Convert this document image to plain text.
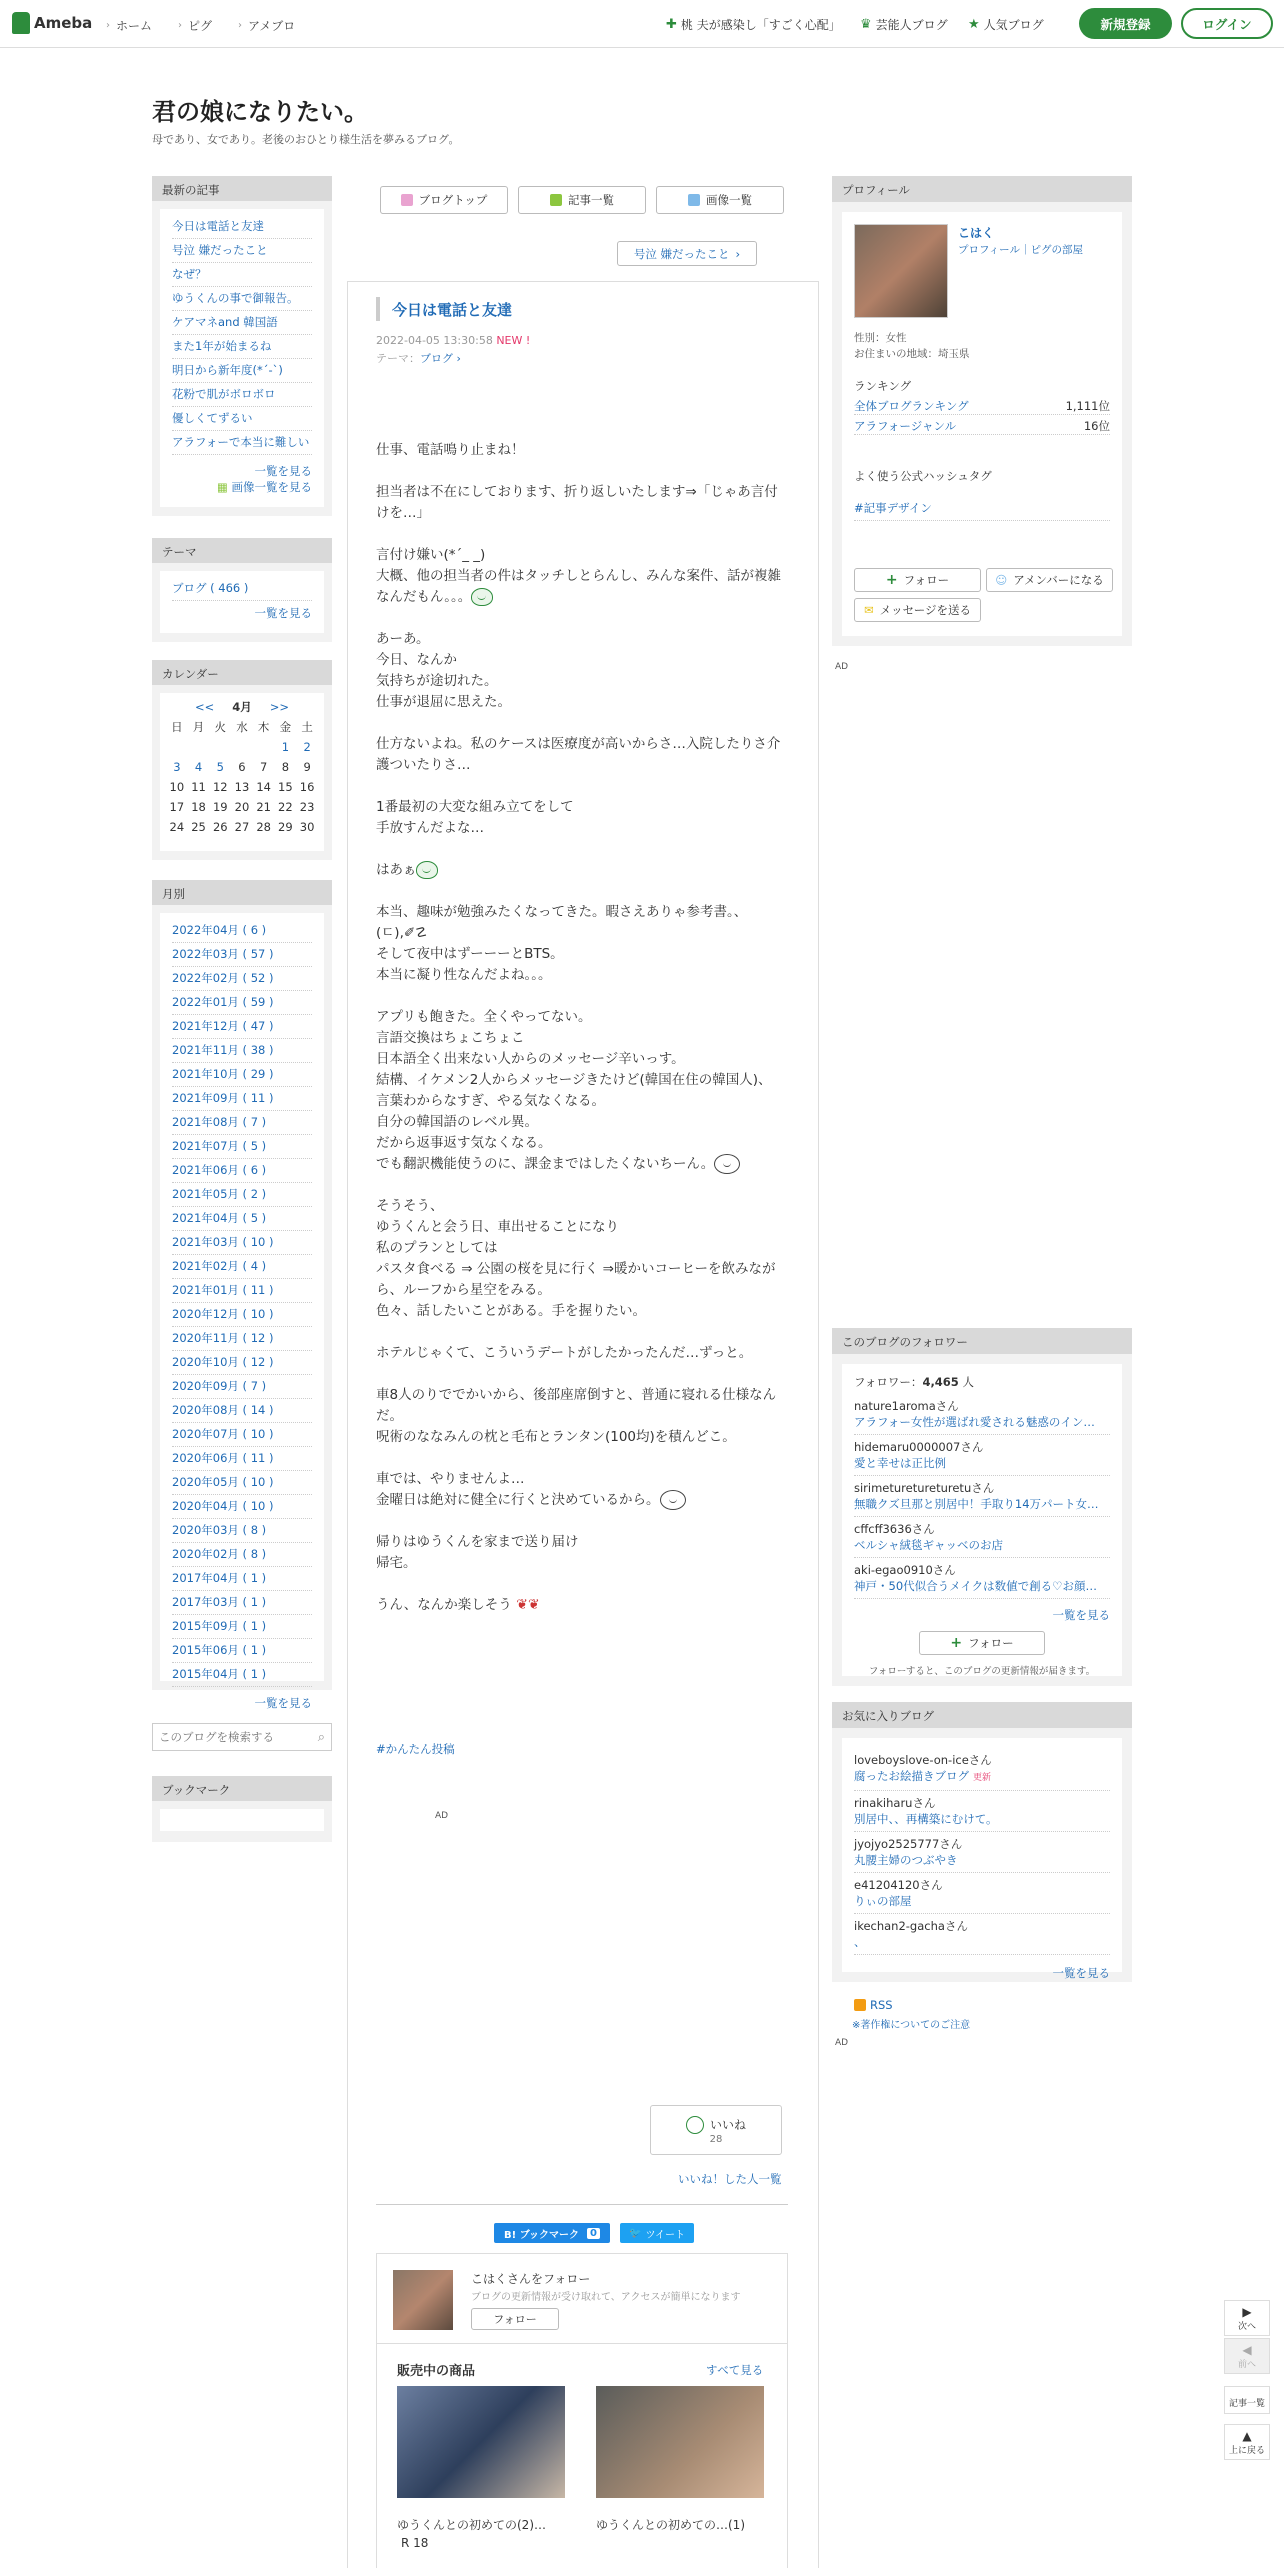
Ameba › ホーム	› ピグ	› アメブロ	✚ 桃 夫が感染し「すごく心配」 ♛ 芸能人ブログ ★ 人気ブログ	新規登録	ログイン
君の娘になりたい。
母であり、女であり。老後のおひとり様生活を夢みるブログ。
最新の記事
今日は電話と友達
号泣 嫌だったこと
なぜ？
ゆうくんの事で御報告。
ケアマネand 韓国語
また1年が始まるね
明日から新年度(*´-`)
花粉で肌がボロボロ
優しくてずるい
アラフォーで本当に難しい
一覧を見る
▦ 画像一覧を見る
テーマ
ブログ ( 466 )
一覧を見る
カレンダー
<< 4月 >>
日	月	火	水	木	金	土
					1	2
3	4	5	6	7	8	9
10	11	12	13	14	15	16
17	18	19	20	21	22	23
24	25	26	27	28	29	30
月別
2022年04月 ( 6 )
2022年03月 ( 57 )
2022年02月 ( 52 )
2022年01月 ( 59 )
2021年12月 ( 47 )
2021年11月 ( 38 )
2021年10月 ( 29 )
2021年09月 ( 11 )
2021年08月 ( 7 )
2021年07月 ( 5 )
2021年06月 ( 6 )
2021年05月 ( 2 )
2021年04月 ( 5 )
2021年03月 ( 10 )
2021年02月 ( 4 )
2021年01月 ( 11 )
2020年12月 ( 10 )
2020年11月 ( 12 )
2020年10月 ( 12 )
2020年09月 ( 7 )
2020年08月 ( 14 )
2020年07月 ( 10 )
2020年06月 ( 11 )
2020年05月 ( 10 )
2020年04月 ( 10 )
2020年03月 ( 8 )
2020年02月 ( 8 )
2017年04月 ( 1 )
2017年03月 ( 1 )
2015年09月 ( 1 )
2015年06月 ( 1 )
2015年04月 ( 1 )
一覧を見る
このブログを検索する
⌕
ブックマーク
ブログトップ	記事一覧	画像一覧
号泣 嫌だったこと ›
今日は電話と友達
2022-04-05 13:30:58 NEW !
テーマ：ブログ ›
仕事、電話鳴り止まね！
担当者は不在にしております、折り返しいたします⇒「じゃあ言付けを…」
言付け嫌い(*´_ _)
大概、他の担当者の件はタッチしとらんし、みんな案件、話が複雑なんだもん。。。
あーあ。
今日、なんか
気持ちが途切れた。
仕事が退屈に思えた。
仕方ないよね。私のケースは医療度が高いからさ…入院したりさ介護ついたりさ…
1番最初の大変な組み立てをして
手放すんだよな…
はあぁ
本当、趣味が勉強みたくなってきた。暇さえありゃ参考書。、(ㄷ),✐☡
そして夜中はずーーーとBTS。
本当に凝り性なんだよね。。。
アプリも飽きた。全くやってない。
言語交換はちょこちょこ
日本語全く出来ない人からのメッセージ辛いっす。
結構、イケメン2人からメッセージきたけど(韓国在住の韓国人)、
言葉わからなすぎ、やる気なくなる。
自分の韓国語のレベル異。
だから返事返す気なくなる。
でも翻訳機能使うのに、課金まではしたくないちーん。
そうそう、
ゆうくんと会う日、車出せることになり
私のプランとしては
パスタ食べる ⇒ 公園の桜を見に行く ⇒暖かいコーヒーを飲みながら、ルーフから星空をみる。
色々、話したいことがある。手を握りたい。
ホテルじゃくて、こういうデートがしたかったんだ…ずっと。
車8人のりででかいから、後部座席倒すと、普通に寝れる仕様なんだ。
呪術のななみんの枕と毛布とランタン(100均)を積んどこ。
車では、やりませんよ…
金曜日は絶対に健全に行くと決めているから。
帰りはゆうくんを家まで送り届け
帰宅。
うん、なんか楽しそう ❦❦
#かんたん投稿
AD
いいね
28
いいね！した人一覧
B! ブックマーク	0	🐦 ツイート
こはくさんをフォロー
ブログの更新情報が受け取れて、アクセスが簡単になります
フォロー
販売中の商品	すべて見る
ゆうくんとの初めての(2)…
R 18
ゆうくんとの初めての…(1)
プロフィール
こはく
プロフィール｜ピグの部屋
性別：女性
お住まいの地域：埼玉県
ランキング
全体ブログランキング	1,111位
アラフォージャンル	16位
よく使う公式ハッシュタグ
#記事デザイン
+ フォロー	☺ アメンバーになる
✉ メッセージを送る
AD
このブログのフォロワー
フォロワー：4,465 人
nature1aromaさん
アラフォー女性が選ばれ愛される魅惑のイン…
hidemaru0000007さん
愛と幸せは正比例
sirimeturetureturetuさん
無職クズ旦那と別居中！手取り14万パート女…
cffcff3636さん
ベルシャ絨毯ギャッベのお店
aki-egao0910さん
神戸・50代似合うメイクは数値で創る♡お顔…
一覧を見る
+ フォロー
フォローすると、このブログの更新情報が届きます。
お気に入りブログ
loveboyslove-on-iceさん
腐ったお絵描きブログ 更新
rinakiharuさん
別居中、、再構築にむけて。
jyojyo2525777さん
丸腰主婦のつぶやき
e41204120さん
りぃの部屋
ikechan2-gachaさん
、
一覧を見る
RSS
※著作権についてのご注意
AD
▶
次へ
◀
前へ
記事一覧
▲
上に戻る
